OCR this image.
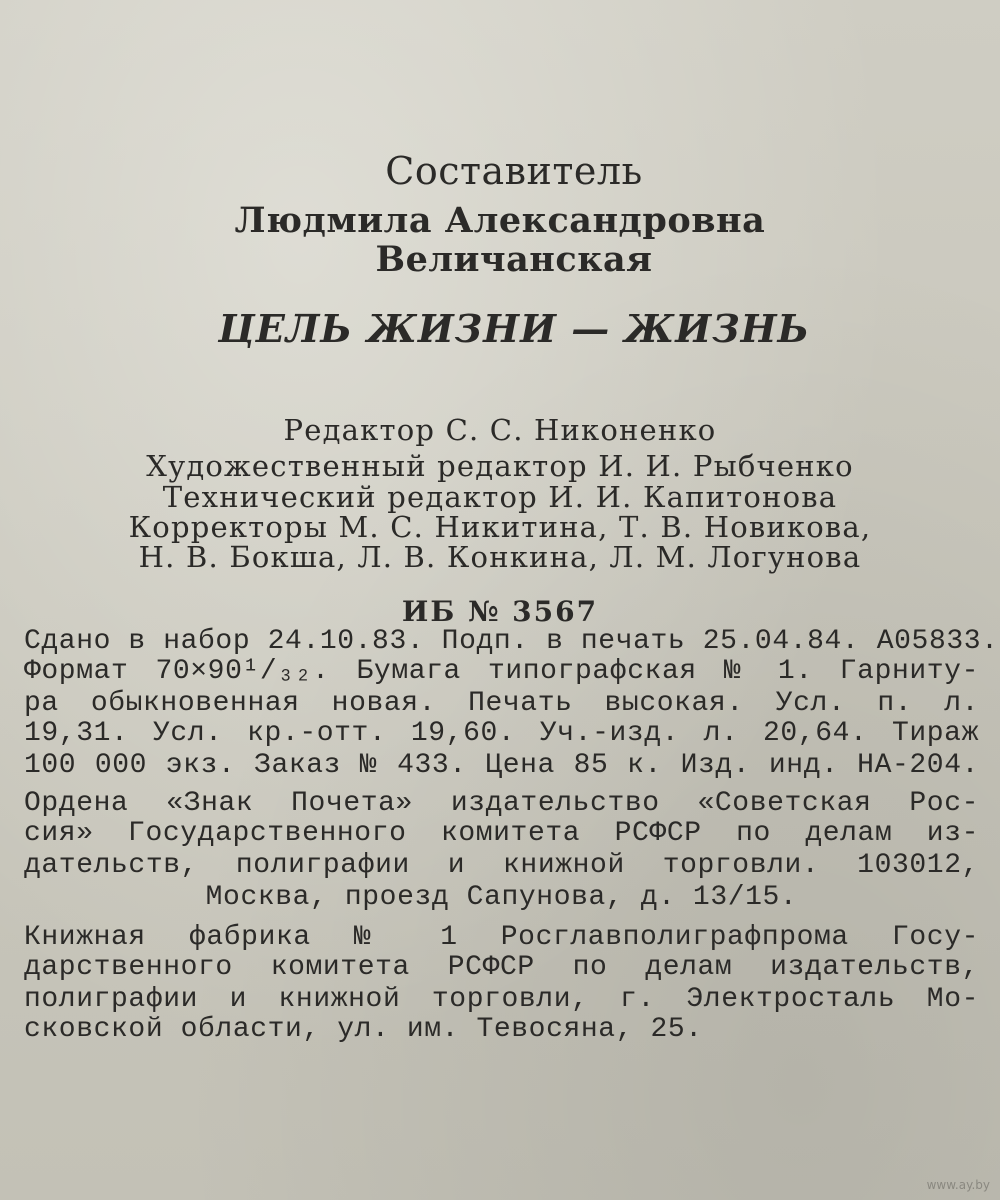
Составитель
Людмила Александровна
Величанская
ЦЕЛЬ ЖИЗНИ — ЖИЗНЬ
Редактор С. С. Никоненко
Художественный редактор И. И. Рыбченко
Технический редактор И. И. Капитонова
Корректоры М. С. Никитина, Т. В. Новикова,
Н. В. Бокша, Л. В. Конкина, Л. М. Логунова
ИБ № 3567
Сдано в набор 24.10.83. Подп. в печать 25.04.84. А05833.
Формат 70×90¹/₃₂. Бумага типографская № 1. Гарниту-
ра обыкновенная новая. Печать высокая. Усл. п. л.
19,31. Усл. кр.-отт. 19,60. Уч.-изд. л. 20,64. Тираж
100 000 экз. Заказ № 433. Цена 85 к. Изд. инд. НА-204.
Ордена «Знак Почета» издательство «Советская Рос-
сия» Государственного комитета РСФСР по делам из-
дательств, полиграфии и книжной торговли. 103012,
Москва, проезд Сапунова, д. 13/15.
Книжная фабрика № 1 Росглавполиграфпрома Госу-
дарственного комитета РСФСР по делам издательств,
полиграфии и книжной торговли, г. Электросталь Мо-
сковской области, ул. им. Тевосяна, 25.
www.ay.by
